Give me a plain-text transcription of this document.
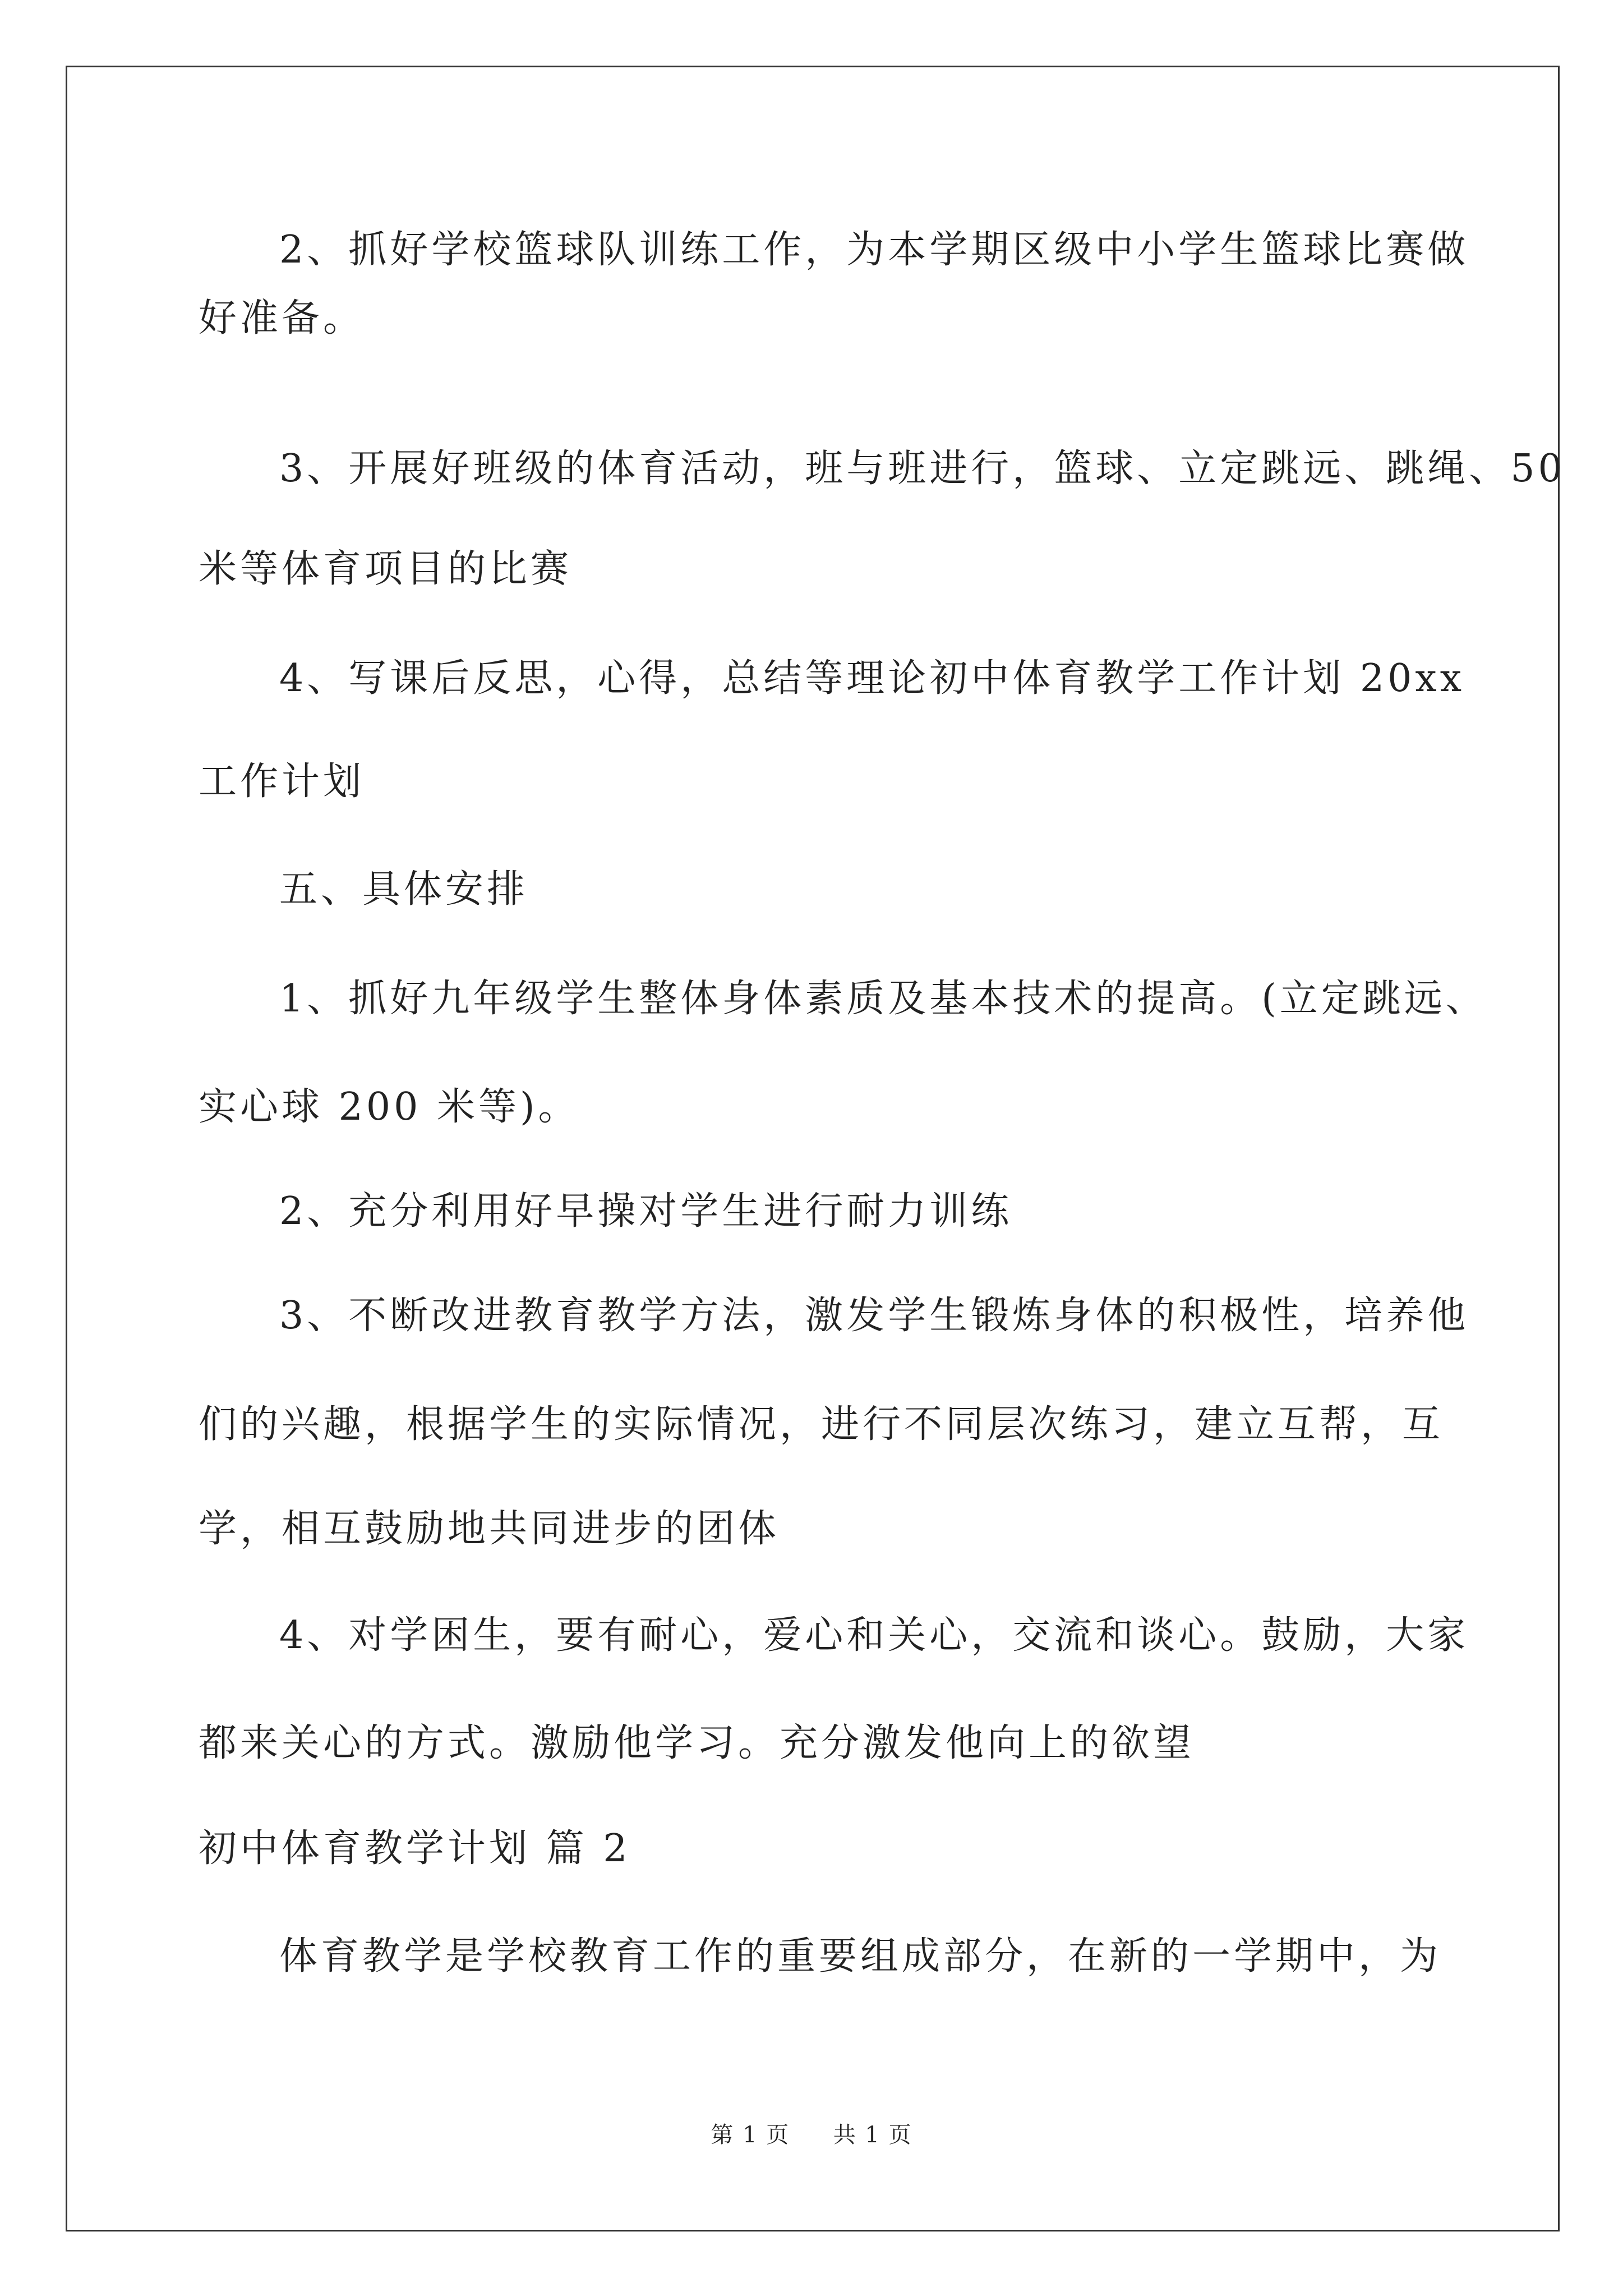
2、抓好学校篮球队训练工作，为本学期区级中小学生篮球比赛做
好准备。
3、开展好班级的体育活动，班与班进行，篮球、立定跳远、跳绳、50
米等体育项目的比赛
4、写课后反思，心得，总结等理论初中体育教学工作计划 20xx
工作计划
五、具体安排
1、抓好九年级学生整体身体素质及基本技术的提高。(立定跳远、
实心球 200 米等)。
2、充分利用好早操对学生进行耐力训练
3、不断改进教育教学方法，激发学生锻炼身体的积极性，培养他
们的兴趣，根据学生的实际情况，进行不同层次练习，建立互帮，互
学，相互鼓励地共同进步的团体
4、对学困生，要有耐心，爱心和关心，交流和谈心。鼓励，大家
都来关心的方式。激励他学习。充分激发他向上的欲望
初中体育教学计划 篇 2
体育教学是学校教育工作的重要组成部分，在新的一学期中，为
第 1 页 共 1 页
